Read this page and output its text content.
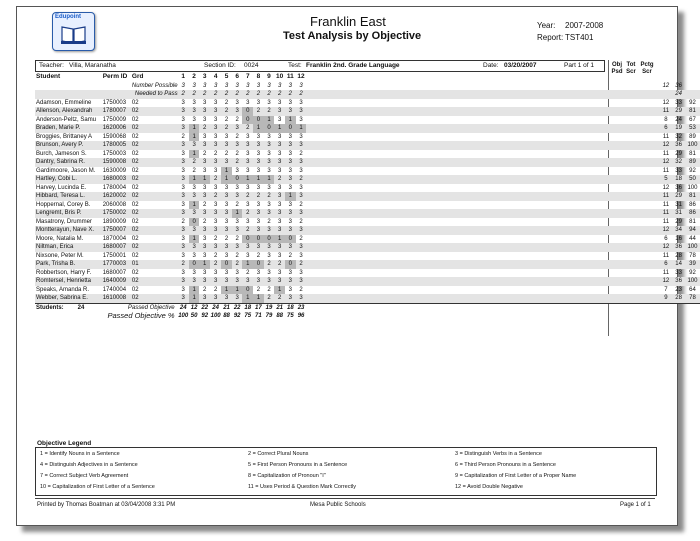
Edupoint	Franklin East
Test Analysis by Objective
Year: 2007-2008
Report: TST401
Teacher: Villa, Maranatha	Section ID: 0024	Test: Franklin 2nd. Grade Language	Date: 03/20/2007	Part 1 of 1	Obj Psd
Tot Scr
Pctg Scr
Student	Perm ID	Grd	1	2	3	4	5	6	7	8	9	10	11	12				
		Number Possible	3	3	3	3	3	3	3	3	3	3	3	3		12	36	
		Needed to Pass	2	2	2	2	2	2	2	2	2	2	2	2			24	
Adamson, Emmeline	1750003	02	3	3	3	3	2	3	3	3	3	3	3	3		12	33	92
Allenson, Alexandrah	1780007	02	3	3	3	3	2	3	0	2	2	3	3	3		11	29	81
Anderson-Peltz, Samu	1750009	02	3	3	3	3	2	2	0	0	1	3	1	3		8	24	67
Braden, Marie P.	1620006	02	3	1	2	3	2	3	2	1	0	1	0	1		6	19	53
Broggies, Brittaney A	1590068	02	2	1	3	3	3	2	3	3	3	3	3	3		11	32	89
Brunson, Avery P.	1780005	02	3	3	3	3	3	3	3	3	3	3	3	3		12	36	100
Burch, Jameson S.	1750003	02	3	1	2	2	2	2	3	3	3	3	3	2		11	29	81
Dantry, Sabrina R.	1590008	02	3	2	3	3	3	2	3	3	3	3	3	3		12	32	89
Gardimoore, Jason M.	1630009	02	3	2	3	3	1	3	3	3	3	3	3	3		11	33	92
Hartley, Cobi L.	1680003	02	3	1	1	2	1	0	1	1	1	2	3	2		5	18	50
Harvey, Lucinda E.	1780004	02	3	3	3	3	3	3	3	3	3	3	3	3		12	36	100
Hibbard, Teresa L.	1620002	02	3	3	3	2	3	3	2	2	2	3	1	3		11	29	81
Hoppernal, Corey B.	2060008	02	3	1	2	3	3	2	3	3	3	3	3	2		11	31	86
Lengremt, Bris P.	1750002	02	3	3	3	3	3	1	2	3	3	3	3	3		11	31	86
Masatrony, Drummer	1890009	02	2	0	2	3	3	3	3	3	2	3	3	2		11	29	81
Montterayun, Nave X.	1750007	02	3	3	3	3	3	3	2	3	3	3	3	3		12	34	94
Moore, Natalia M.	1870004	02	3	1	3	2	2	2	0	0	0	1	0	2		6	16	44
Niltman, Erica	1680007	02	3	3	3	3	3	3	3	3	3	3	3	3		12	36	100
Nixsone, Peter M.	1750001	02	3	3	3	2	3	2	3	2	3	3	2	3		11	28	78
Park, Trisha B.	1770003	01	2	0	1	2	0	2	1	0	2	2	0	2		6	14	39
Robbertson, Harry F.	1680007	02	3	3	3	3	3	3	2	3	3	3	3	3		11	33	92
Romtersel, Henrietta	1640009	02	3	3	3	3	3	3	3	3	3	3	3	3		12	36	100
Speaks, Amanda R.	1740004	02	3	1	2	2	1	1	0	2	2	1	3	2		7	23	64
Webber, Sabrina E.	1610008	02	3	1	3	3	3	3	1	1	2	2	3	3		9	28	78
Students: 24	Passed Objective		24	12	22	24	21	22	18	17	19	21	18	23				
	Passed Objective %		100	50	92	100	88	92	75	71	79	88	75	96				
Objective Legend
1 = Identify Nouns in a Sentence	2 = Correct Plural Nouns	3 = Distinguish Verbs in a Sentence
4 = Distinguish Adjectives in a Sentence	5 = First Person Pronouns in a Sentence	6 = Third Person Pronouns in a Sentence
7 = Correct Subject Verb Agreement	8 = Capitalization of Pronoun "I"	9 = Capitalization of First Letter of a Proper Name
10 = Capitalization of First Letter of a Sentence	11 = Uses Period & Question Mark Correctly	12 = Avoid Double Negative
Printed by Thomas Boatman at 03/04/2008 3:31 PM	Mesa Public Schools	Page 1 of 1
